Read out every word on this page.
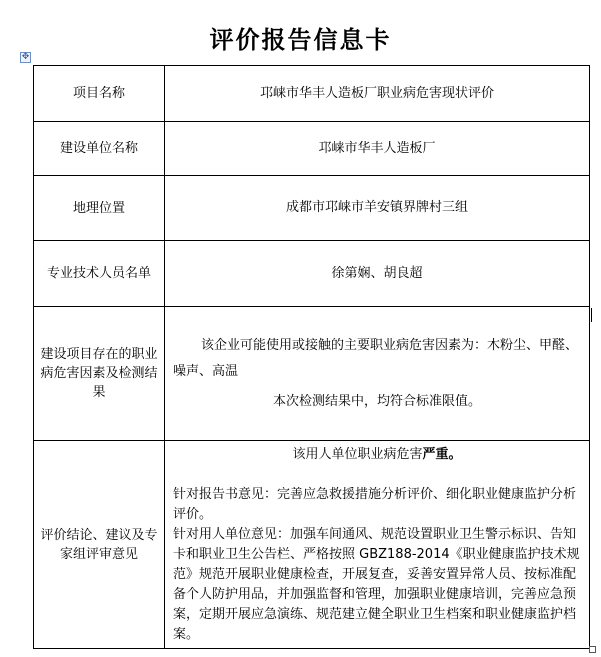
评价报告信息卡
✥
项目名称	邛崃市华丰人造板厂职业病危害现状评价
建设单位名称	邛崃市华丰人造板厂
地理位置	成都市邛崃市羊安镇界牌村三组
专业技术人员名单	徐第娴、胡良超
建设项目存在的职业病危害因素及检测结果	该企业可能使用或接触的主要职业病危害因素为：木粉尘、甲醛、噪声、高温

本次检测结果中，均符合标准限值。

评价结论、建议及专家组评审意见	该用人单位职业病危害严重。

针对报告书意见：完善应急救援措施分析评价、细化职业健康监护分析评价。

针对用人单位意见：加强车间通风、规范设置职业卫生警示标识、告知卡和职业卫生公告栏、严格按照 GBZ188-2014《职业健康监护技术规范》规范开展职业健康检查，开展复查，妥善安置异常人员、按标准配备个人防护用品，并加强监督和管理，加强职业健康培训，完善应急预案，定期开展应急演练、规范建立健全职业卫生档案和职业健康监护档案。
